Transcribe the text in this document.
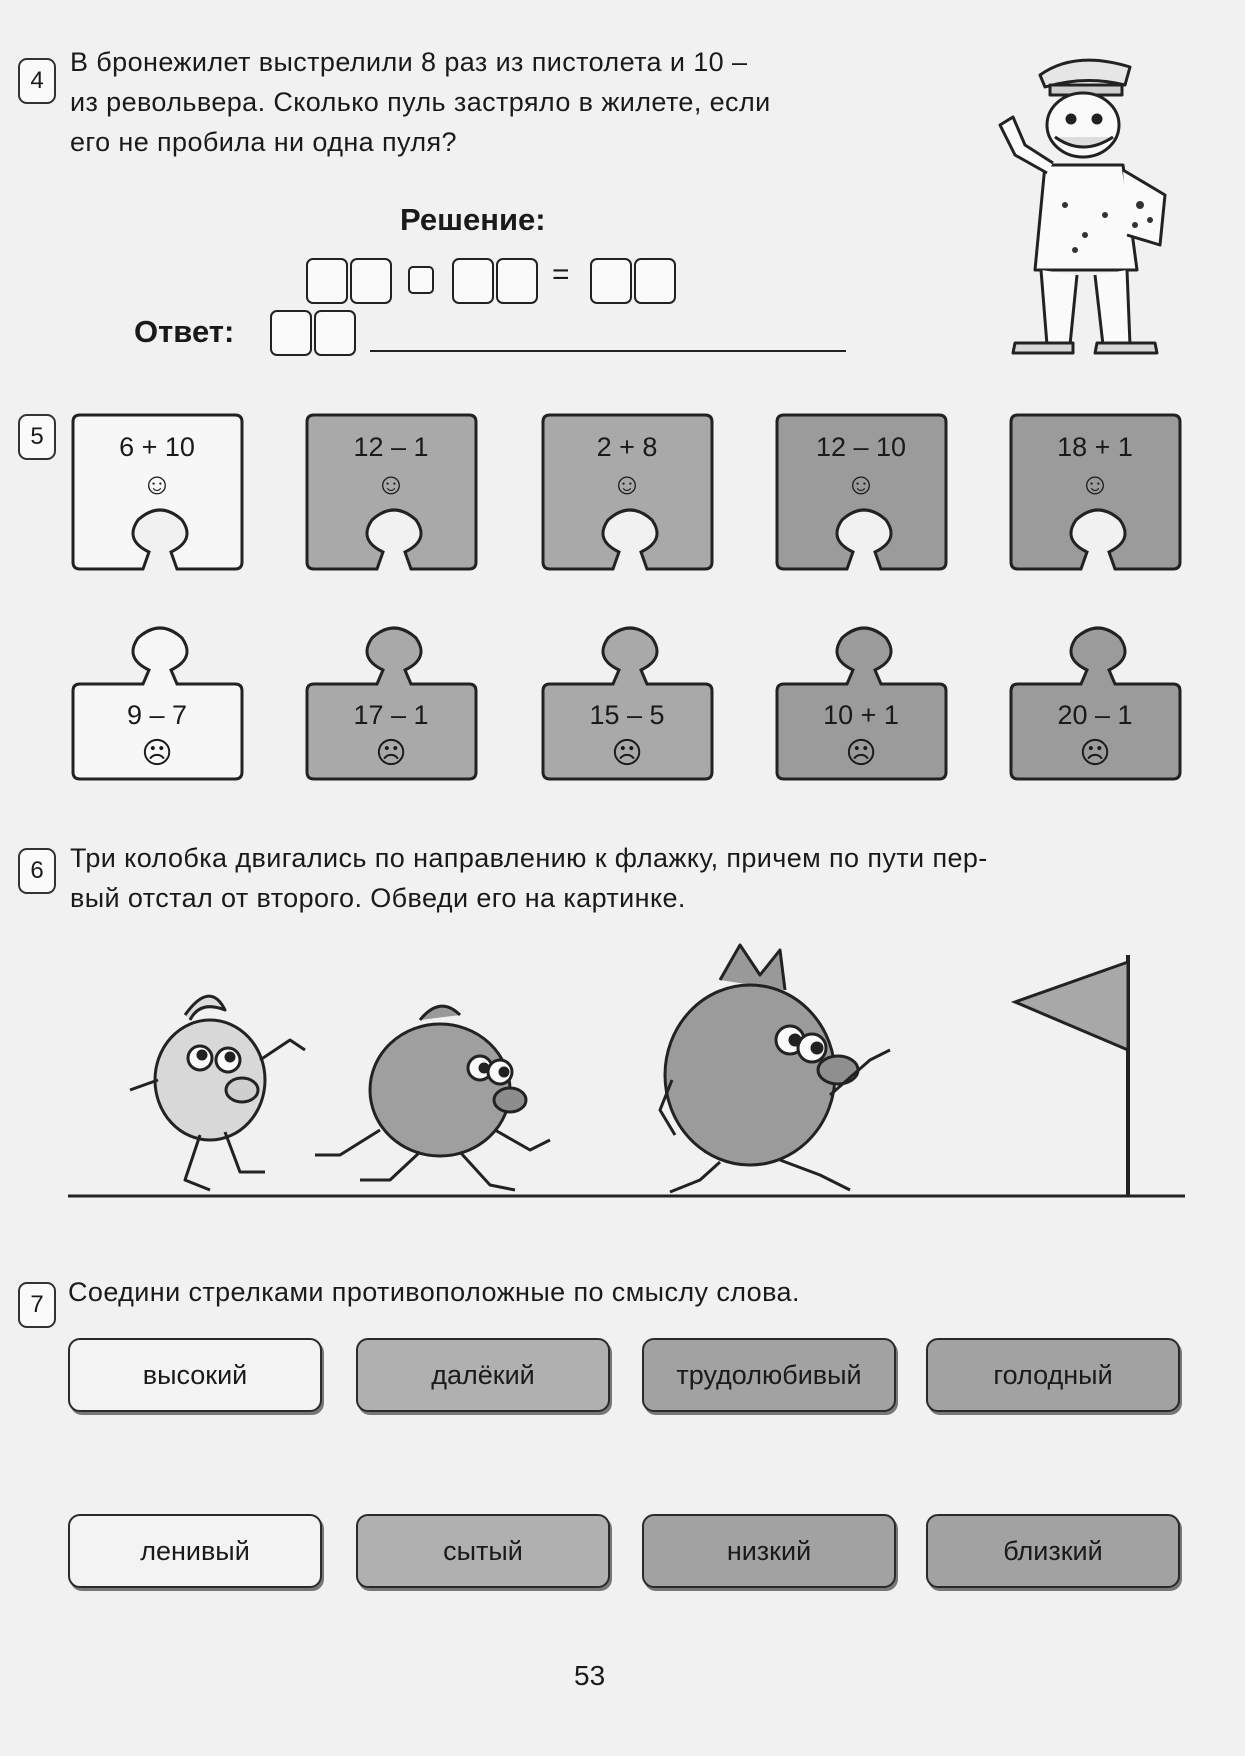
4
В бронежилет выстрелили 8 раз из пистолета и 10 –
из револьвера. Сколько пуль застряло в жилете, если
его не пробила ни одна пуля?
Решение:
=
Ответ:
5	6 + 10
☺
9 – 7
☹
12 – 1
☺
17 – 1
☹
2 + 8
☺
15 – 5
☹
12 – 10
☺
10 + 1
☹
18 + 1
☺
20 – 1
☹
6 Три колобка двигались по направлению к флажку, причем по пути пер-
вый отстал от второго. Обведи его на картинке.
7 Соедини стрелками противоположные по смыслу слова.
высокий	далёкий	трудолюбивый	голодный
ленивый	сытый	низкий	близкий
53
